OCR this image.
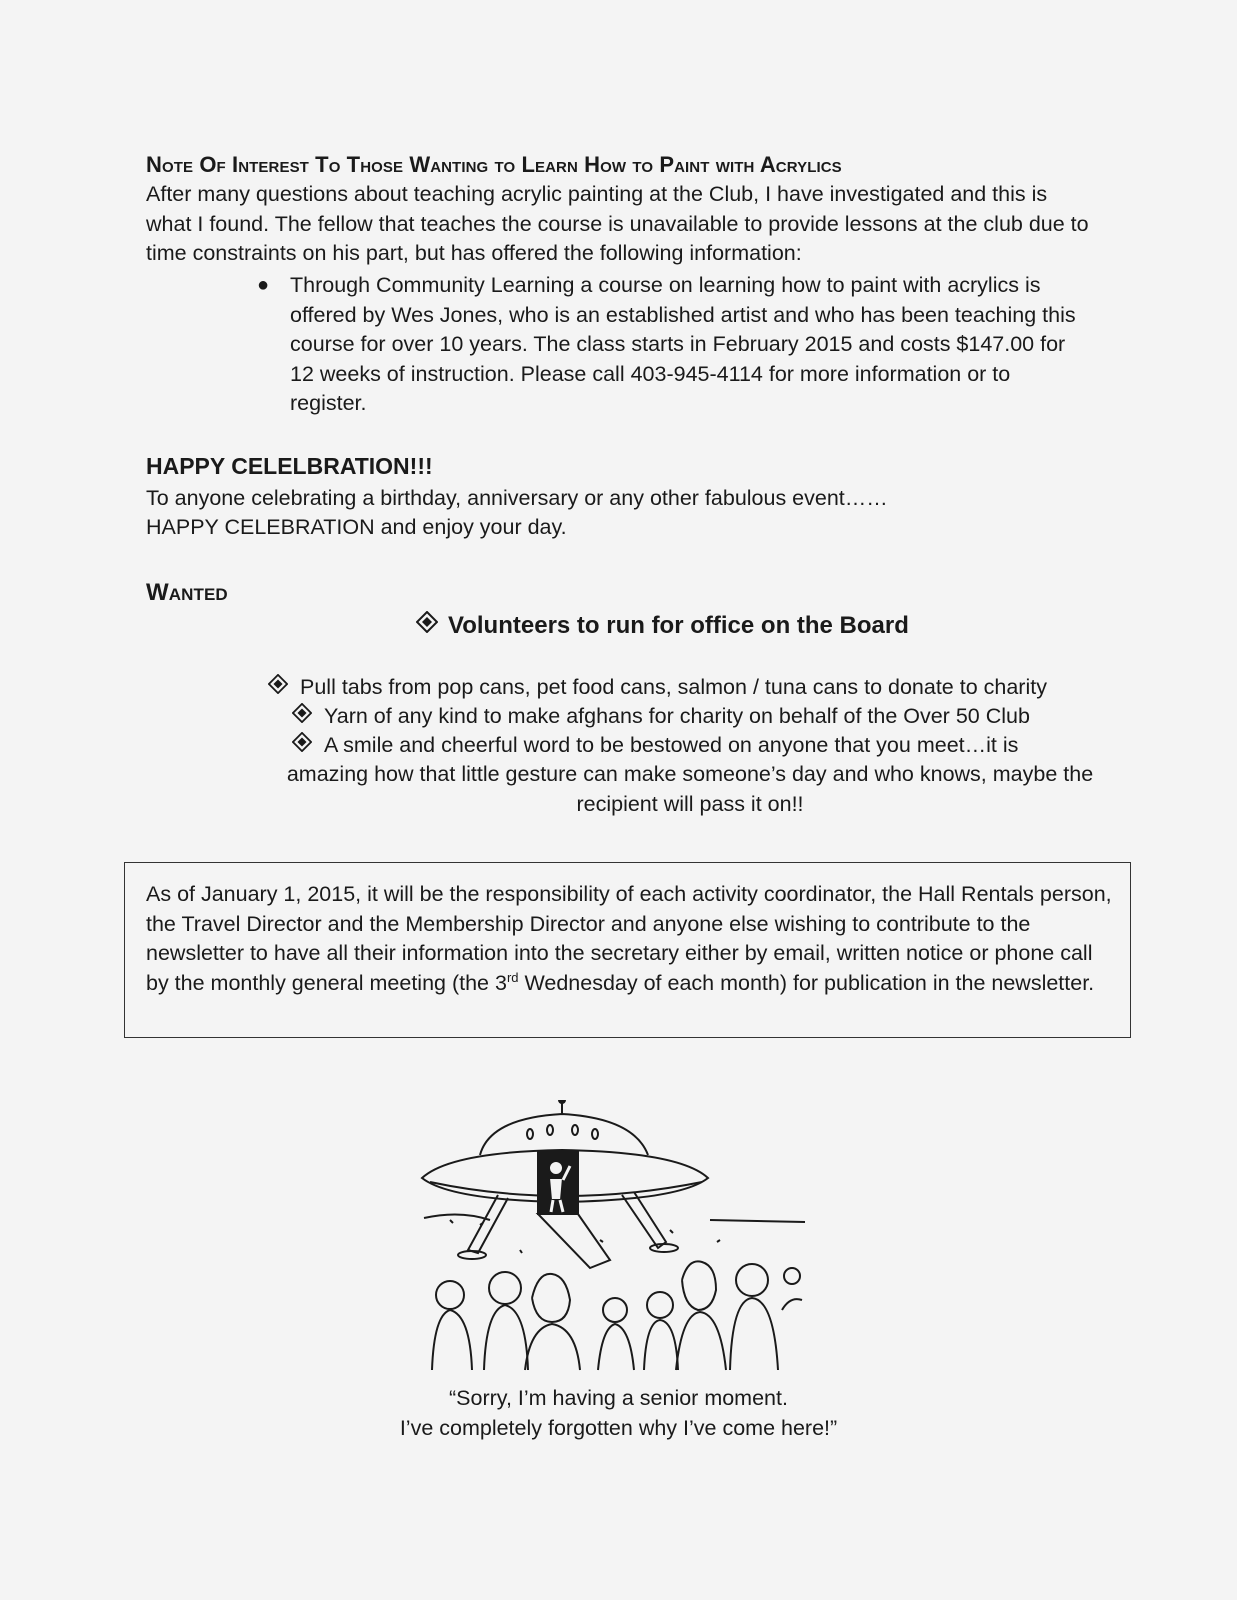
Note Of Interest To Those Wanting to Learn How to Paint with Acrylics
After many questions about teaching acrylic painting at the Club, I have investigated and this is what I found. The fellow that teaches the course is unavailable to provide lessons at the club due to time constraints on his part, but has offered the following information:
● Through Community Learning a course on learning how to paint with acrylics is offered by Wes Jones, who is an established artist and who has been teaching this course for over 10 years. The class starts in February 2015 and costs $147.00 for 12 weeks of instruction. Please call 403-945-4114 for more information or to register.
HAPPY CELELBRATION!!!
To anyone celebrating a birthday, anniversary or any other fabulous event……
HAPPY CELEBRATION and enjoy your day.
Wanted
Volunteers to run for office on the Board
Pull tabs from pop cans, pet food cans, salmon / tuna cans to donate to charity
Yarn of any kind to make afghans for charity on behalf of the Over 50 Club
A smile and cheerful word to be bestowed on anyone that you meet…it is
amazing how that little gesture can make someone’s day and who knows, maybe the recipient will pass it on!!
As of January 1, 2015, it will be the responsibility of each activity coordinator, the Hall Rentals person, the Travel Director and the Membership Director and anyone else wishing to contribute to the newsletter to have all their information into the secretary either by email, written notice or phone call by the monthly general meeting (the 3rd Wednesday of each month) for publication in the newsletter.
“Sorry, I’m having a senior moment.
I’ve completely forgotten why I’ve come here!”
